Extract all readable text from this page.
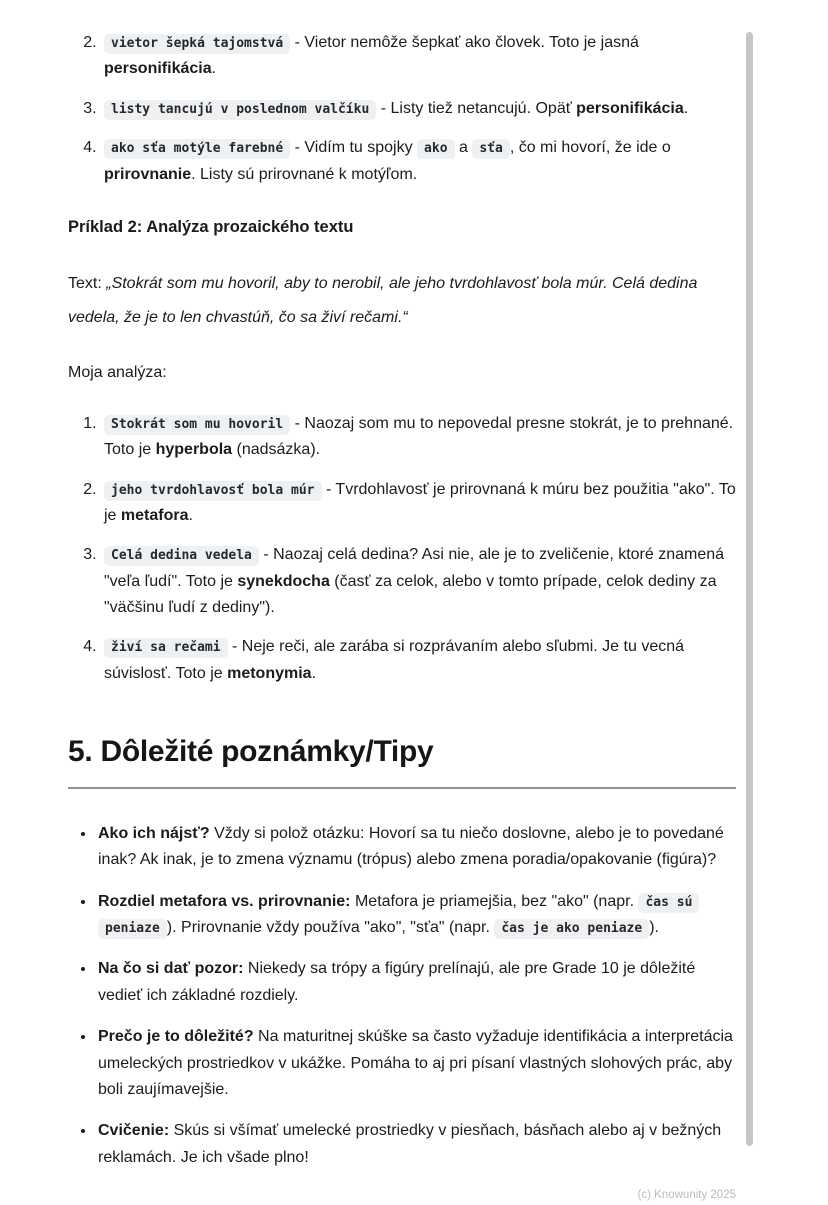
2. vietor šepká tajomstvá - Vietor nemôže šepkať ako človek. Toto je jasná personifikácia.
3. listy tancujú v poslednom valčíku - Listy tiež netancujú. Opäť personifikácia.
4. ako sťa motýle farebné - Vidím tu spojky ako a sťa , čo mi hovorí, že ide o prirovnanie. Listy sú prirovnané k motýľom.
Príklad 2: Analýza prozaického textu

Text: „Stokrát som mu hovoril, aby to nerobil, ale jeho tvrdohlavosť bola múr. Celá dedina vedela, že je to len chvastúň, čo sa živí rečami.“

Moja analýza:

1. Stokrát som mu hovoril - Naozaj som mu to nepovedal presne stokrát, je to prehnané. Toto je hyperbola (nadsázka).
2. jeho tvrdohlavosť bola múr - Tvrdohlavosť je prirovnaná k múru bez použitia "ako". To je metafora.
3. Celá dedina vedela - Naozaj celá dedina? Asi nie, ale je to zveličenie, ktoré znamená "veľa ľudí". Toto je synekdocha (časť za celok, alebo v tomto prípade, celok dediny za "väčšinu ľudí z dediny").
4. živí sa rečami - Neje reči, ale zarába si rozprávaním alebo sľubmi. Je tu vecná súvislosť. Toto je metonymia.
5. Dôležité poznámky/Tipy
• Ako ich nájsť? Vždy si polož otázku: Hovorí sa tu niečo doslovne, alebo je to povedané inak? Ak inak, je to zmena významu (trópus) alebo zmena poradia/opakovanie (figúra)?
• Rozdiel metafora vs. prirovnanie: Metafora je priamejšia, bez "ako" (napr. čas sú peniaze ). Prirovnanie vždy používa "ako", "sťa" (napr. čas je ako peniaze ).
• Na čo si dať pozor: Niekedy sa trópy a figúry prelínajú, ale pre Grade 10 je dôležité vedieť ich základné rozdiely.
• Prečo je to dôležité? Na maturitnej skúške sa často vyžaduje identifikácia a interpretácia umeleckých prostriedkov v ukážke. Pomáha to aj pri písaní vlastných slohových prác, aby boli zaujímavejšie.
• Cvičenie: Skús si všímať umelecké prostriedky v piesňach, básňach alebo aj v bežných reklamách. Je ich všade plno!
(c) Knowunity 2025
